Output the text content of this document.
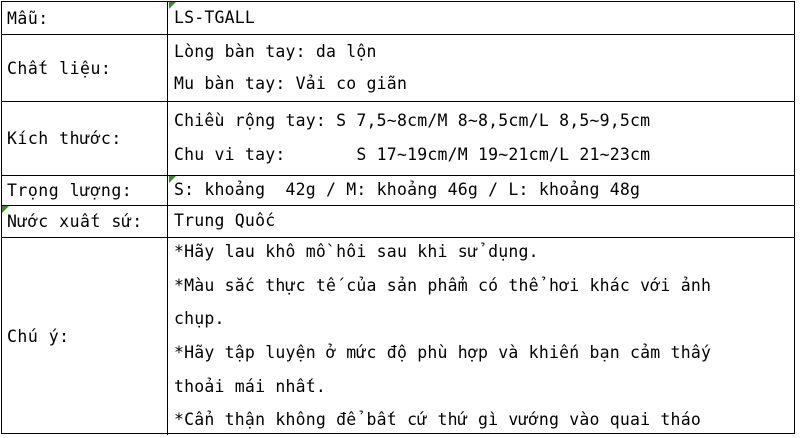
Mẫu:	LS-TGALL
Chất liệu:
Lòng bàn tay: da lộn
Mu bàn tay: Vải co giãn
Kích thước:
Chiều rộng tay: S 7,5~8cm/M 8~8,5cm/L 8,5~9,5cm
Chu vi tay:       S 17~19cm/M 19~21cm/L 21~23cm
Trọng lượng:	S: khoảng  42g / M: khoảng 46g / L: khoảng 48g
Nước xuất sứ:	Trung Quốc
Chú ý:
*Hãy lau khô mồ hôi sau khi sử dụng.
*Màu sắc thực tế của sản phẩm có thể hơi khác với ảnh
chụp.
*Hãy tập luyện ở mức độ phù hợp và khiến bạn cảm thấy
thoải mái nhất.
*Cẩn thận không để bất cứ thứ gì vướng vào quai tháo
